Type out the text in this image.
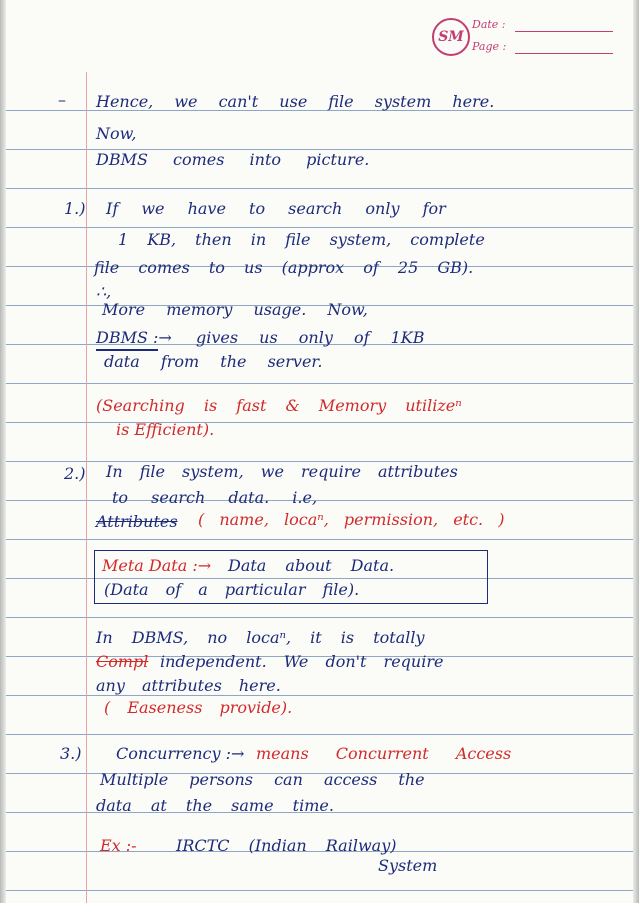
SM
Date :
Page :
– Hence, we can't use file system here.
Now,
DBMS comes into picture.
1.) If we have to search only for
1 KB, then in file system, complete
file comes to us (approx of 25 GB).
∴,
More memory usage. Now,
DBMS :→ gives us only of 1KB
data from the server.
(Searching is fast & Memory utilizeⁿ
is Efficient).
2.) In file system, we require attributes
to search data. i.e,
Attributes ( name, locaⁿ, permission, etc. )
Meta Data :→ Data about Data.
(Data of a particular file).
In DBMS, no locaⁿ, it is totally
Compl independent. We don't require
any attributes here.
( Easeness provide).
3.) Concurrency :→ means Concurrent Access
Multiple persons can access the
data at the same time.
Ex :- IRCTC (Indian Railway)
System
